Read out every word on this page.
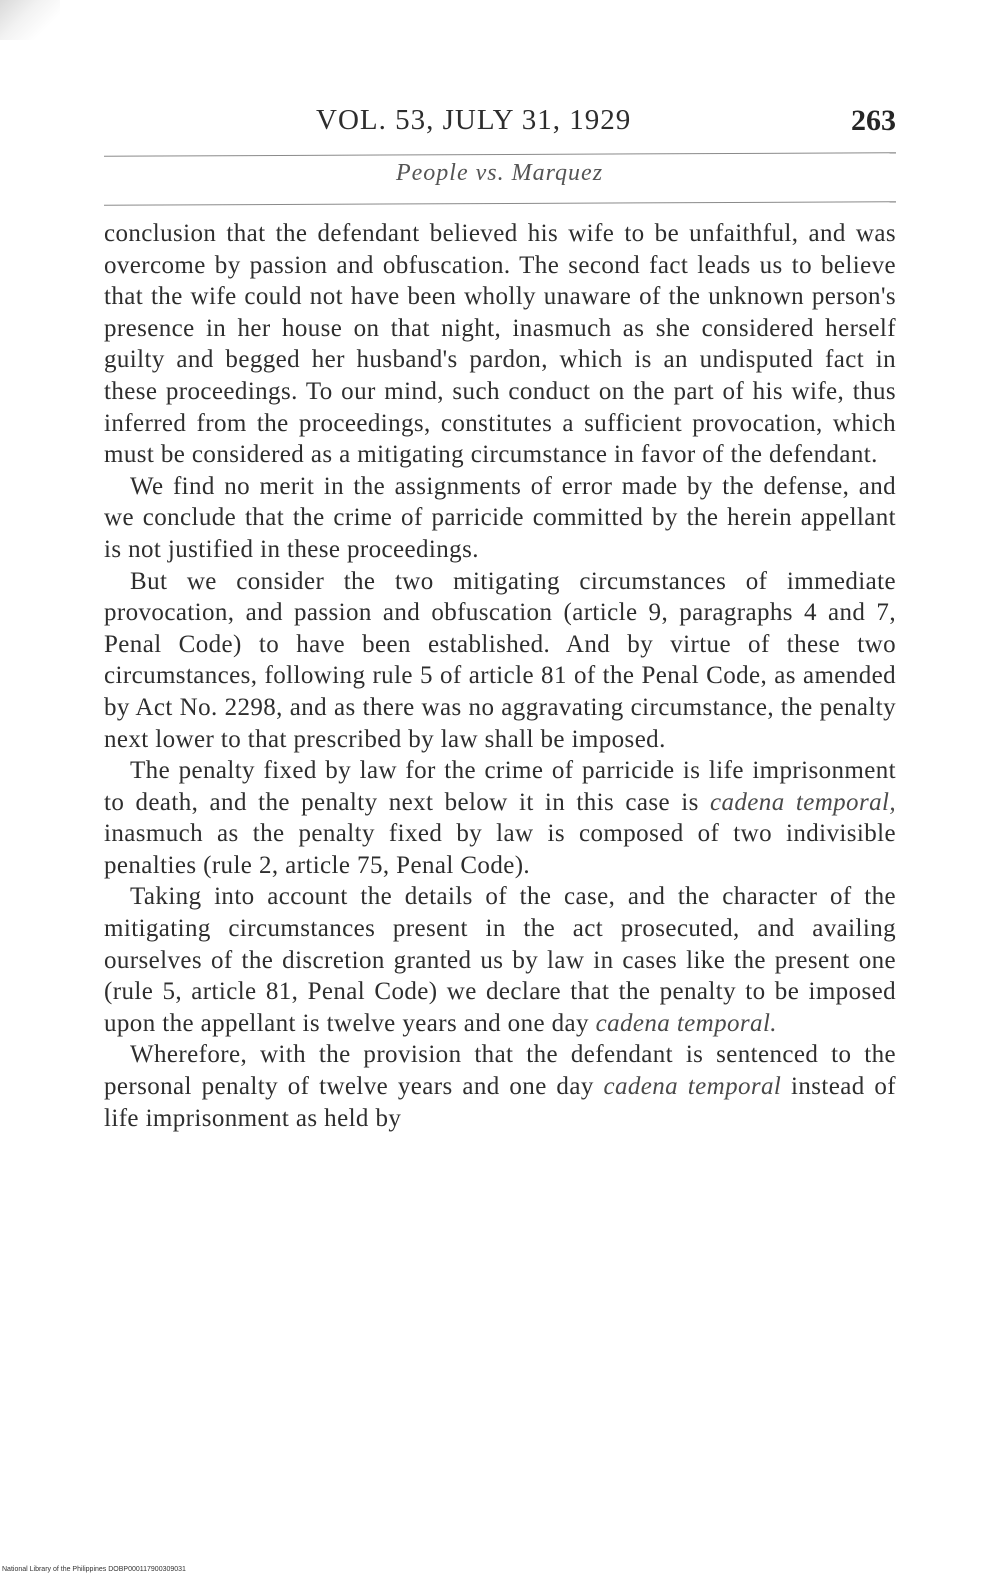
VOL. 53, JULY 31, 1929	263
People vs. Marquez

conclusion that the defendant believed his wife to be unfaithful, and was overcome by passion and obfuscation. The second fact leads us to believe that the wife could not have been wholly unaware of the unknown person's presence in her house on that night, inasmuch as she considered herself guilty and begged her husband's pardon, which is an undisputed fact in these proceedings. To our mind, such conduct on the part of his wife, thus inferred from the proceedings, constitutes a sufficient provocation, which must be considered as a mitigating circumstance in favor of the defendant.

We find no merit in the assignments of error made by the defense, and we conclude that the crime of parricide committed by the herein appellant is not justified in these proceedings.

But we consider the two mitigating circumstances of immediate provocation, and passion and obfuscation (article 9, paragraphs 4 and 7, Penal Code) to have been established. And by virtue of these two circumstances, following rule 5 of article 81 of the Penal Code, as amended by Act No. 2298, and as there was no aggravating circumstance, the penalty next lower to that prescribed by law shall be imposed.

The penalty fixed by law for the crime of parricide is life imprisonment to death, and the penalty next below it in this case is cadena temporal, inasmuch as the penalty fixed by law is composed of two indivisible penalties (rule 2, article 75, Penal Code).

Taking into account the details of the case, and the character of the mitigating circumstances present in the act prosecuted, and availing ourselves of the discretion granted us by law in cases like the present one (rule 5, article 81, Penal Code) we declare that the penalty to be imposed upon the appellant is twelve years and one day cadena temporal.

Wherefore, with the provision that the defendant is sentenced to the personal penalty of twelve years and one day cadena temporal instead of life imprisonment as held by

National Library of the Philippines DOBP000117900309031
